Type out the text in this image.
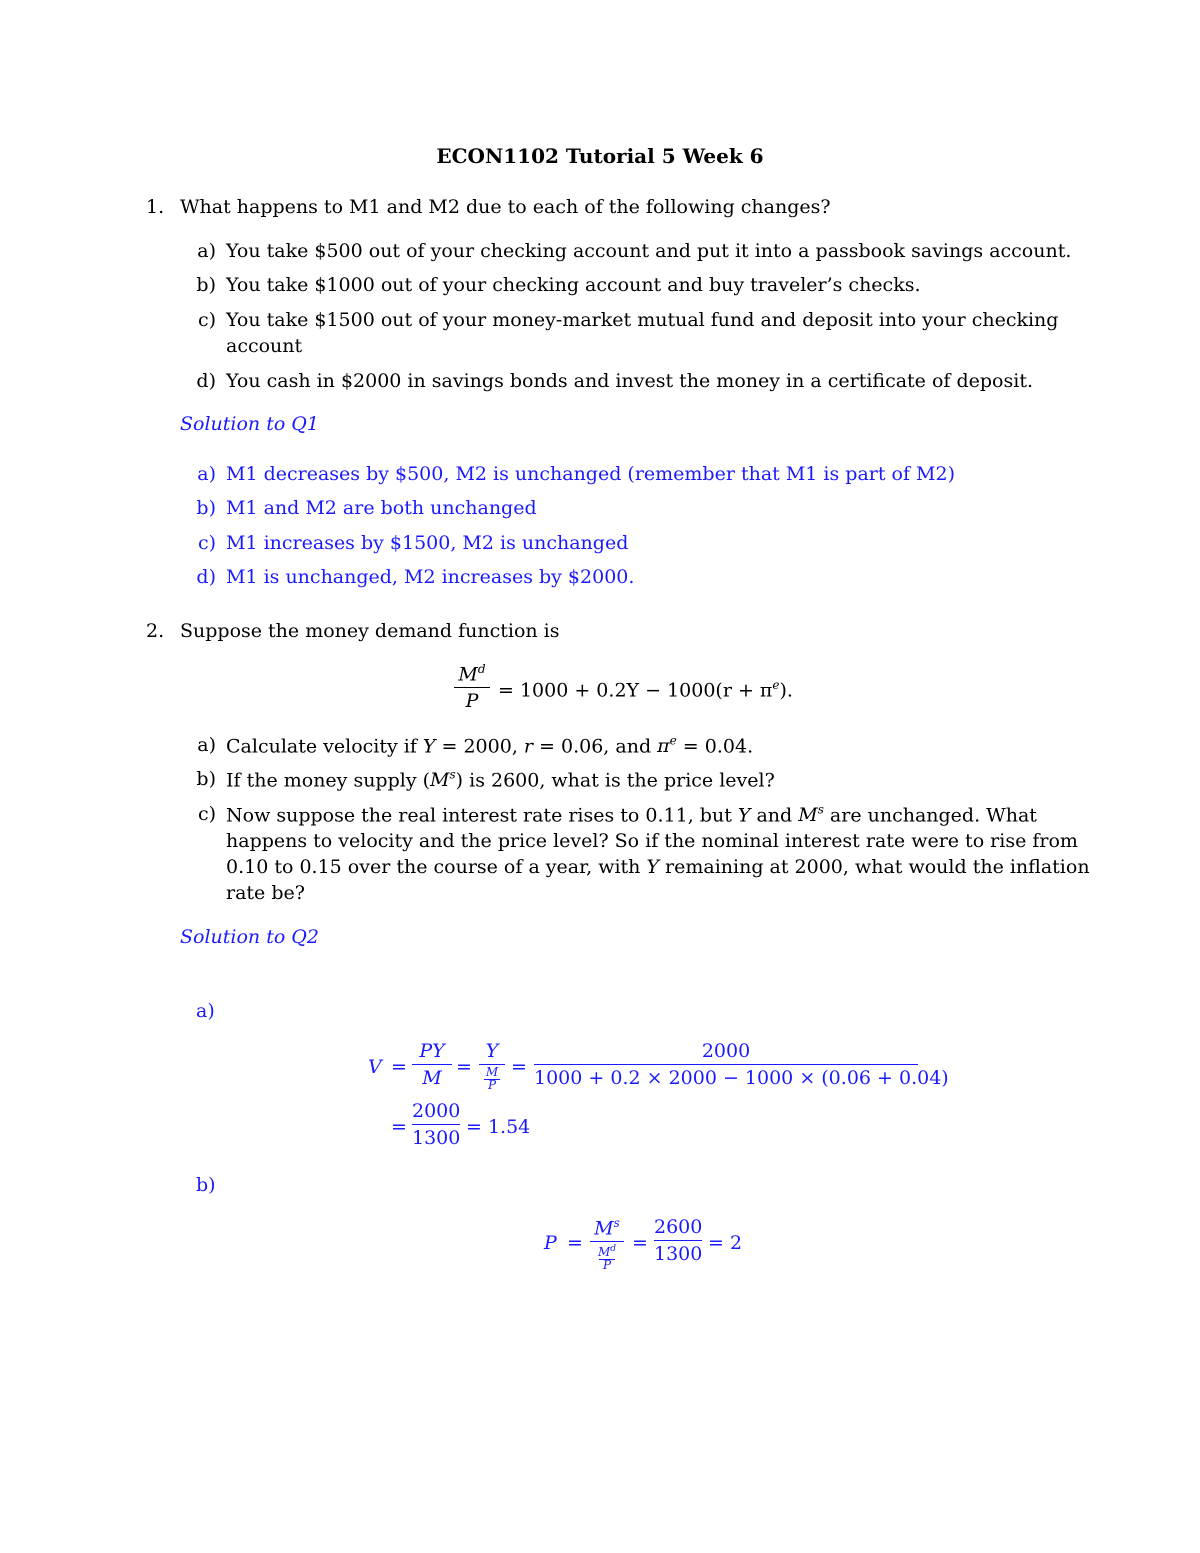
ECON1102 Tutorial 5 Week 6
1. What happens to M1 and M2 due to each of the following changes?
a) You take $500 out of your checking account and put it into a passbook savings account.
b) You take $1000 out of your checking account and buy traveler’s checks.
c) You take $1500 out of your money-market mutual fund and deposit into your checking
account
d) You cash in $2000 in savings bonds and invest the money in a certificate of deposit.
Solution to Q1
a) M1 decreases by $500, M2 is unchanged (remember that M1 is part of M2)
b) M1 and M2 are both unchanged
c) M1 increases by $1500, M2 is unchanged
d) M1 is unchanged, M2 increases by $2000.
2. Suppose the money demand function is
$M^d$
P	= $1000 + 0.2Y - 1000(r + \pi^e)$.
a) Calculate velocity if Y = 2000, r = 0.06, and $\pi^e = 0.04$.
b) If the money supply $(M^s)$ is 2600, what is the price level?
c) Now suppose the real interest rate rises to 0.11, but Y and $M^s$ are unchanged. What
happens to velocity and the price level? So if the nominal interest rate were to rise from
0.10 to 0.15 over the course of a year, with Y remaining at 2000, what would the inflation
rate be?
Solution to Q2
a)
V =
PY
M =
Y
M
P
=
2000
1000 + 0.2 × 2000 − 1000 × (0.06 + 0.04)
=
2000
1300 = 1.54
b)
P =
$M^s$
$M^d$
P
=
2600
1300 = 2
